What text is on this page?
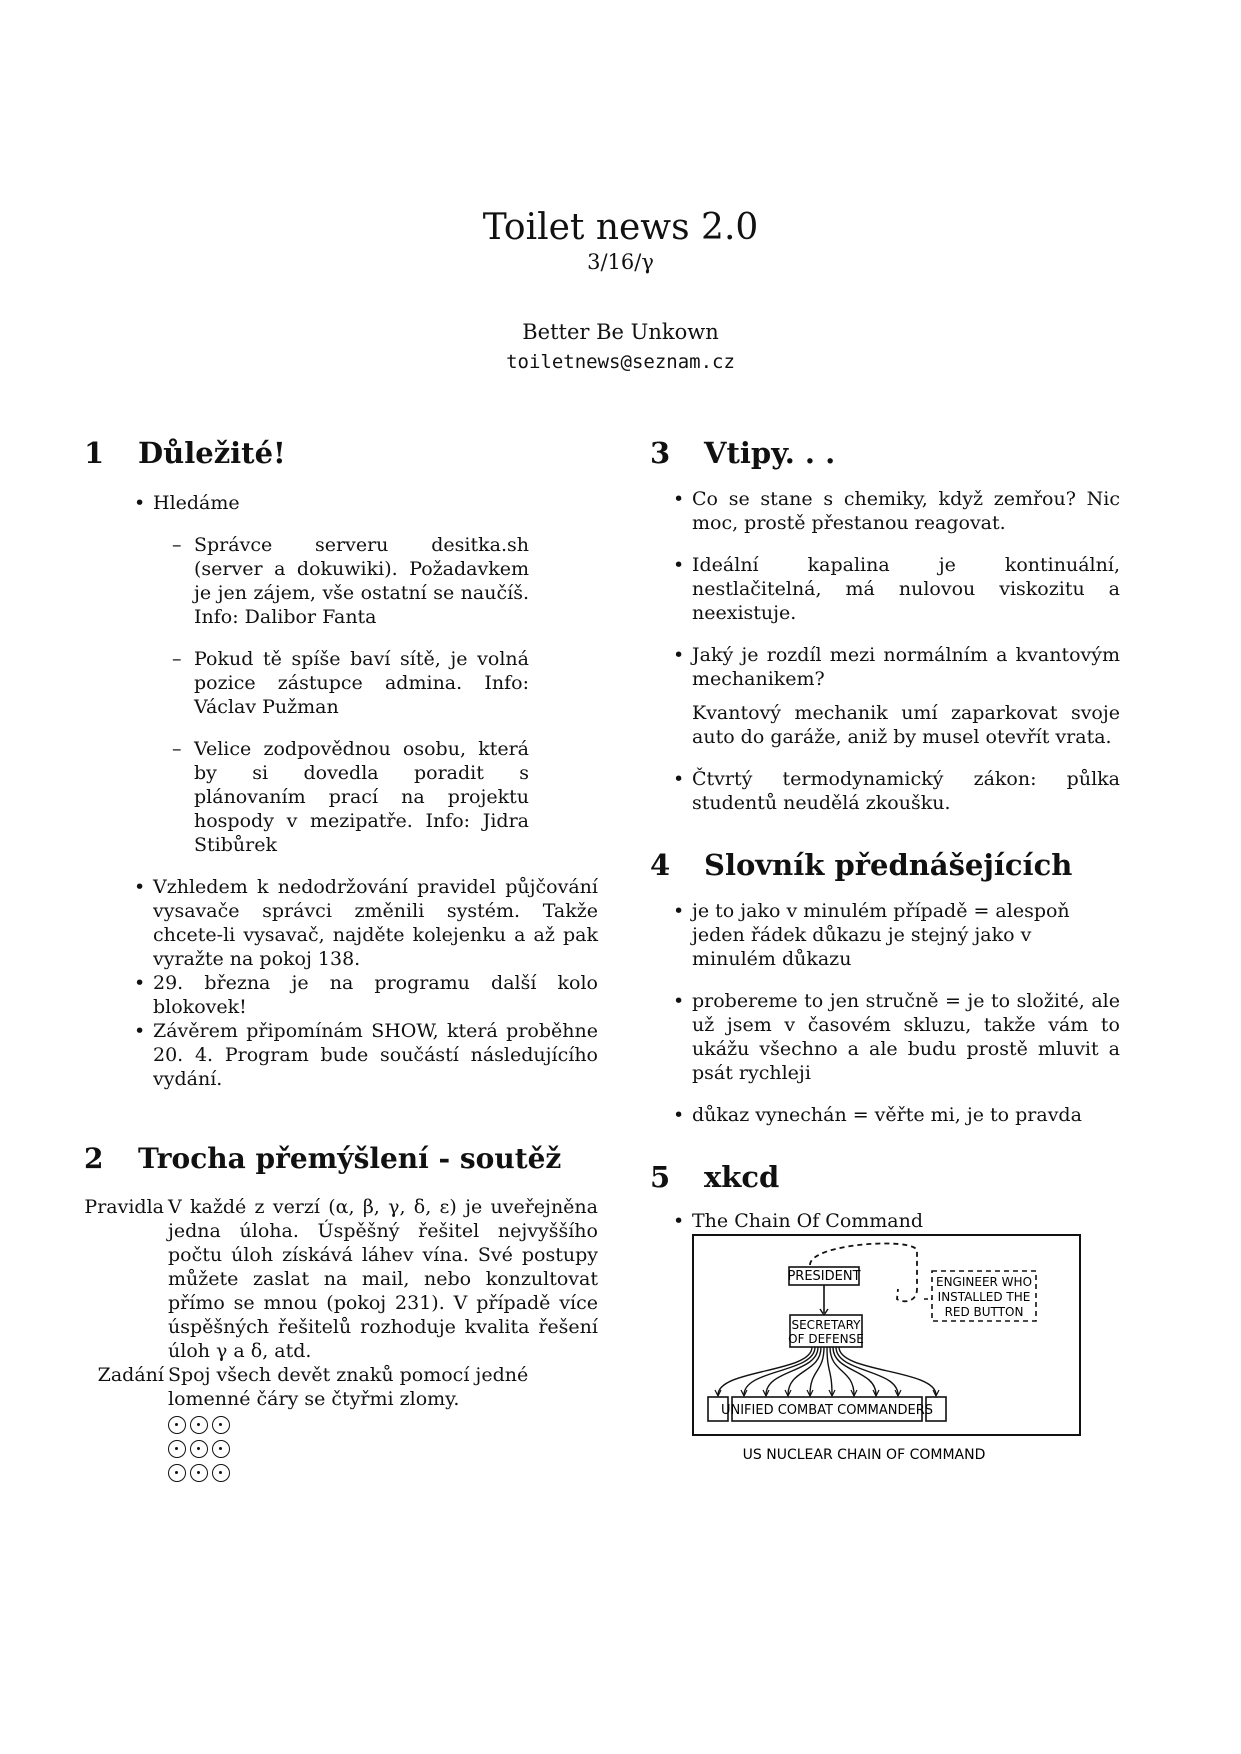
Toilet news 2.0
3/16/γ
Better Be Unkown
toiletnews@seznam.cz
1 Důležité!
• Hledáme
– Správce serveru desitka.sh (server a dokuwiki). Požadavkem je jen zájem, vše ostatní se naučíš. Info: Dalibor Fanta
– Pokud tě spíše baví sítě, je volná pozice zástupce admina. Info: Václav Pužman
– Velice zodpovědnou osobu, která by si dovedla poradit s plánovaním prací na projektu hospody v mezipatře. Info: Jidra Stibůrek
• Vzhledem k nedodržování pravidel půjčování vysavače správci změnili systém. Takže chcete-li vysavač, najděte kolejenku a až pak vyražte na pokoj 138.
• 29. března je na programu další kolo blokovek!
• Závěrem připomínám SHOW, která proběhne 20. 4. Program bude součástí následujícího vydání.
2 Trocha přemýšlení - soutěž
Pravidla V každé z verzí (α, β, γ, δ, ε) je uveřejněna jedna úloha. Úspěšný řešitel nejvyššího počtu úloh získává láhev vína. Své postupy můžete zaslat na mail, nebo konzultovat přímo se mnou (pokoj 231). V případě více úspěšných řešitelů rozhoduje kvalita řešení úloh γ a δ, atd.
Zadání Spoj všech devět znaků pomocí jedné lomenné čáry se čtyřmi zlomy.
3 Vtipy. . .
• Co se stane s chemiky, když zemřou? Nic moc, prostě přestanou reagovat.
• Ideální kapalina je kontinuální, nestlačitelná, má nulovou viskozitu a neexistuje.
• Jaký je rozdíl mezi normálním a kvantovým mechanikem?
Kvantový mechanik umí zaparkovat svoje auto do garáže, aniž by musel otevřít vrata.
• Čtvrtý termodynamický zákon: půlka studentů neudělá zkoušku.
4 Slovník přednášejících
• je to jako v minulém případě = alespoň jeden řádek důkazu je stejný jako v minulém důkazu
• probereme to jen stručně = je to složité, ale už jsem v časovém skluzu, takže vám to ukážu všechno a ale budu prostě mluvit a psát rychleji
• důkaz vynechán = věřte mi, je to pravda
5 xkcd
• The Chain Of Command
PRESIDENT	ENGINEER WHO
INSTALLED THE
RED BUTTON
SECRETARY
OF DEFENSE
UNIFIED COMBAT COMMANDERS
US NUCLEAR CHAIN OF COMMAND
